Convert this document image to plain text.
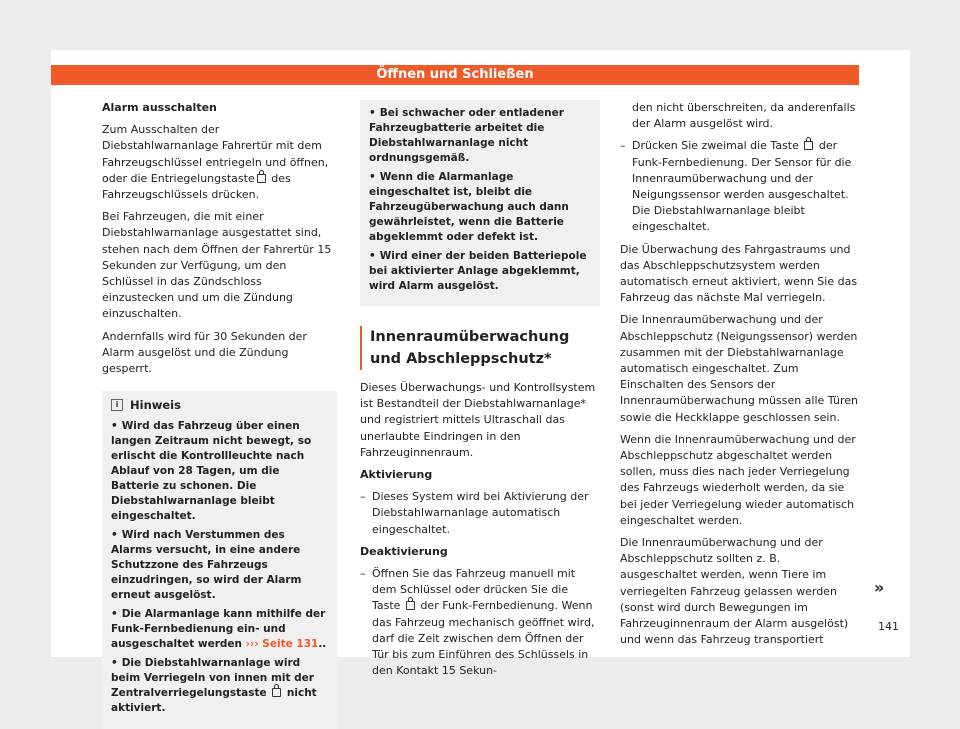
Öffnen und Schließen

Alarm ausschalten

Zum Ausschalten der Diebstahlwarnanlage Fahrertür mit dem Fahrzeugschlüssel entriegeln und öffnen, oder die Entriegelungstaste des Fahrzeugschlüssels drücken.

Bei Fahrzeugen, die mit einer Diebstahlwarnanlage ausgestattet sind, stehen nach dem Öffnen der Fahrertür 15 Sekunden zur Verfügung, um den Schlüssel in das Zündschloss einzustecken und um die Zündung einzuschalten.

Andernfalls wird für 30 Sekunden der Alarm ausgelöst und die Zündung gesperrt.

i	Hinweis
• Wird das Fahrzeug über einen langen Zeitraum nicht bewegt, so erlischt die Kontrollleuchte nach Ablauf von 28 Tagen, um die Batterie zu schonen. Die Diebstahlwarnanlage bleibt eingeschaltet.
• Wird nach Verstummen des Alarms versucht, in eine andere Schutzzone des Fahrzeugs einzudringen, so wird der Alarm erneut ausgelöst.
• Die Alarmanlage kann mithilfe der Funk-Fernbedienung ein- und ausgeschaltet werden ››› Seite 131..
• Die Diebstahlwarnanlage wird beim Verriegeln von innen mit der Zentralverriegelungstaste  nicht aktiviert.
• Bei schwacher oder entladener Fahrzeugbatterie arbeitet die Diebstahlwarnanlage nicht ordnungsgemäß.
• Wenn die Alarmanlage eingeschaltet ist, bleibt die Fahrzeugüberwachung auch dann gewährleistet, wenn die Batterie abgeklemmt oder defekt ist.
• Wird einer der beiden Batteriepole bei aktivierter Anlage abgeklemmt, wird Alarm ausgelöst.
Innenraumüberwachung und Abschleppschutz*

Dieses Überwachungs- und Kontrollsystem ist Bestandteil der Diebstahlwarnanlage* und registriert mittels Ultraschall das unerlaubte Eindringen in den Fahrzeuginnenraum.

Aktivierung

– Dieses System wird bei Aktivierung der Diebstahlwarnanlage automatisch eingeschaltet.

Deaktivierung

– Öffnen Sie das Fahrzeug manuell mit dem Schlüssel oder drücken Sie die Taste  der Funk-Fernbedienung. Wenn das Fahrzeug mechanisch geöffnet wird, darf die Zeit zwischen dem Öffnen der Tür bis zum Einführen des Schlüssels in den Kontakt 15 Sekun-

den nicht überschreiten, da anderenfalls der Alarm ausgelöst wird.

– Drücken Sie zweimal die Taste  der Funk-Fernbedienung. Der Sensor für die Innenraumüberwachung und der Neigungssensor werden ausgeschaltet. Die Diebstahlwarnanlage bleibt eingeschaltet.

Die Überwachung des Fahrgastraums und das Abschleppschutzsystem werden automatisch erneut aktiviert, wenn Sie das Fahrzeug das nächste Mal verriegeln.

Die Innenraumüberwachung und der Abschleppschutz (Neigungssensor) werden zusammen mit der Diebstahlwarnanlage automatisch eingeschaltet. Zum Einschalten des Sensors der Innenraumüberwachung müssen alle Türen sowie die Heckklappe geschlossen sein.

Wenn die Innenraumüberwachung und der Abschleppschutz abgeschaltet werden sollen, muss dies nach jeder Verriegelung des Fahrzeugs wiederholt werden, da sie bei jeder Verriegelung wieder automatisch eingeschaltet werden.

Die Innenraumüberwachung und der Abschleppschutz sollten z. B. ausgeschaltet werden, wenn Tiere im verriegelten Fahrzeug gelassen werden (sonst wird durch Bewegungen im Fahrzeuginnenraum der Alarm ausgelöst) und wenn das Fahrzeug transportiert

»
141
